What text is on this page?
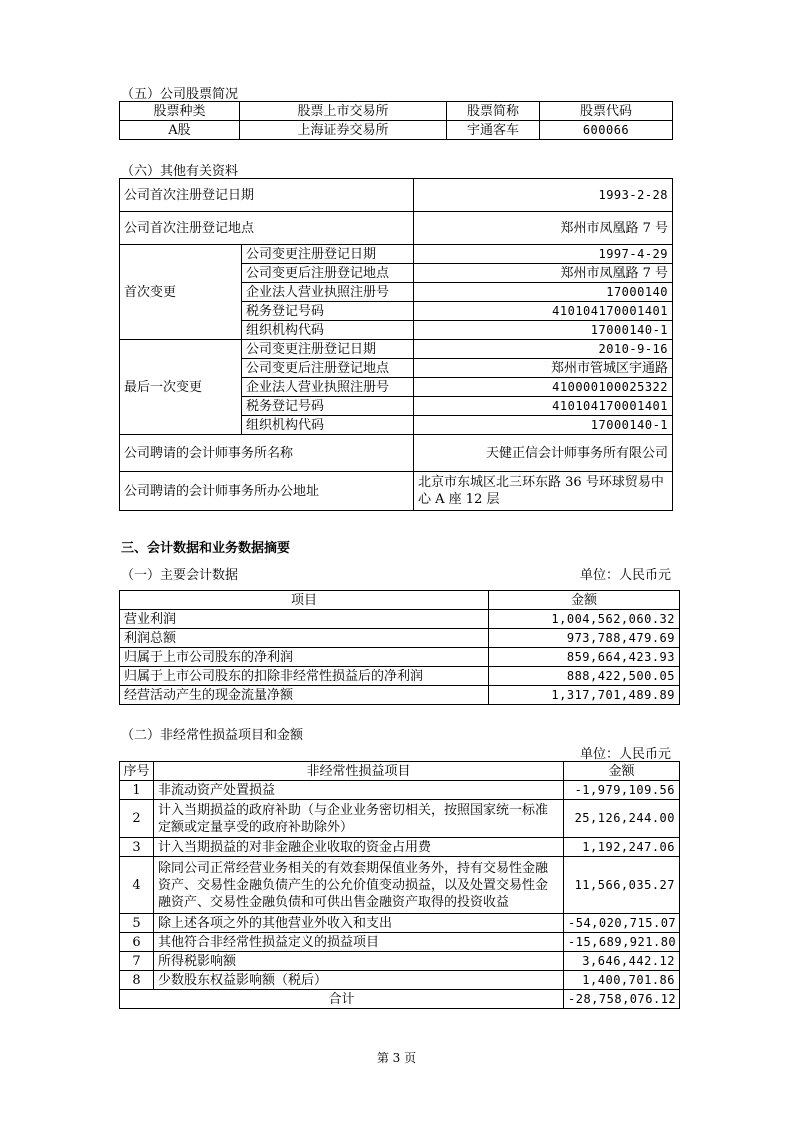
（五）公司股票简况
股票种类	股票上市交易所	股票简称	股票代码
A股	上海证券交易所	宇通客车	600066
（六）其他有关资料
公司首次注册登记日期		1993-2-28
公司首次注册登记地点		郑州市凤凰路 7 号
首次变更	公司变更注册登记日期	1997-4-29
	公司变更后注册登记地点	郑州市凤凰路 7 号
	企业法人营业执照注册号	17000140
	税务登记号码	410104170001401
	组织机构代码	17000140-1
最后一次变更	公司变更注册登记日期	2010-9-16
	公司变更后注册登记地点	郑州市管城区宇通路
	企业法人营业执照注册号	410000100025322
	税务登记号码	410104170001401
	组织机构代码	17000140-1
公司聘请的会计师事务所名称		天健正信会计师事务所有限公司
公司聘请的会计师事务所办公地址		北京市东城区北三环东路 36 号环球贸易中心 A 座 12 层
三、会计数据和业务数据摘要
（一）主要会计数据	单位：人民币元
项目	金额
营业利润	1,004,562,060.32
利润总额	973,788,479.69
归属于上市公司股东的净利润	859,664,423.93
归属于上市公司股东的扣除非经常性损益后的净利润	888,422,500.05
经营活动产生的现金流量净额	1,317,701,489.89
（二）非经常性损益项目和金额
单位：人民币元
序号	非经常性损益项目	金额
1	非流动资产处置损益	-1,979,109.56
2	计入当期损益的政府补助（与企业业务密切相关，按照国家统一标准定额或定量享受的政府补助除外）	25,126,244.00
3	计入当期损益的对非金融企业收取的资金占用费	1,192,247.06
4	除同公司正常经营业务相关的有效套期保值业务外，持有交易性金融资产、交易性金融负债产生的公允价值变动损益，以及处置交易性金融资产、交易性金融负债和可供出售金融资产取得的投资收益	11,566,035.27
5	除上述各项之外的其他营业外收入和支出	-54,020,715.07
6	其他符合非经常性损益定义的损益项目	-15,689,921.80
7	所得税影响额	3,646,442.12
8	少数股东权益影响额（税后）	1,400,701.86
合计		-28,758,076.12
第 3 页
